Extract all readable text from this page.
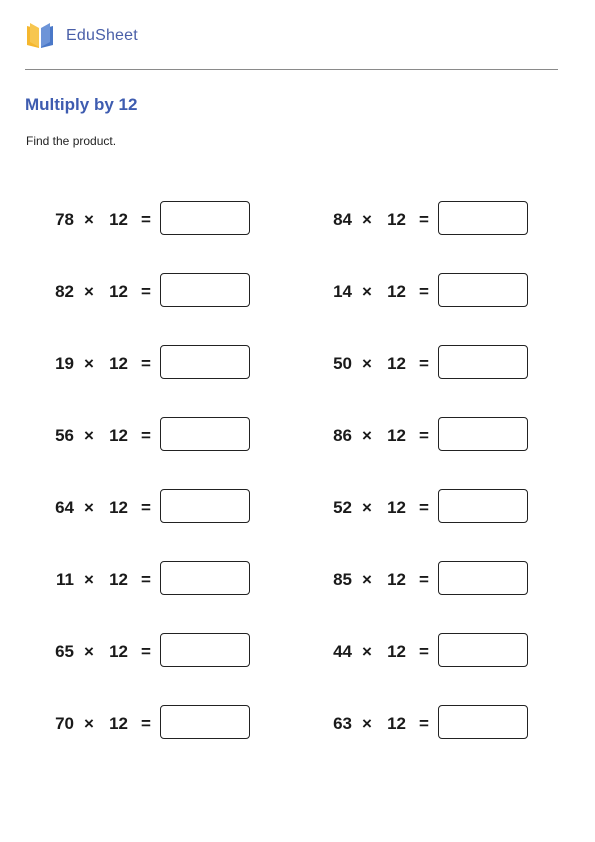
EduSheet
Multiply by 12
Find the product.
78 × 12 =
82 × 12 =
19 × 12 =
56 × 12 =
64 × 12 =
11 × 12 =
65 × 12 =
70 × 12 =
84 × 12 =
14 × 12 =
50 × 12 =
86 × 12 =
52 × 12 =
85 × 12 =
44 × 12 =
63 × 12 =
